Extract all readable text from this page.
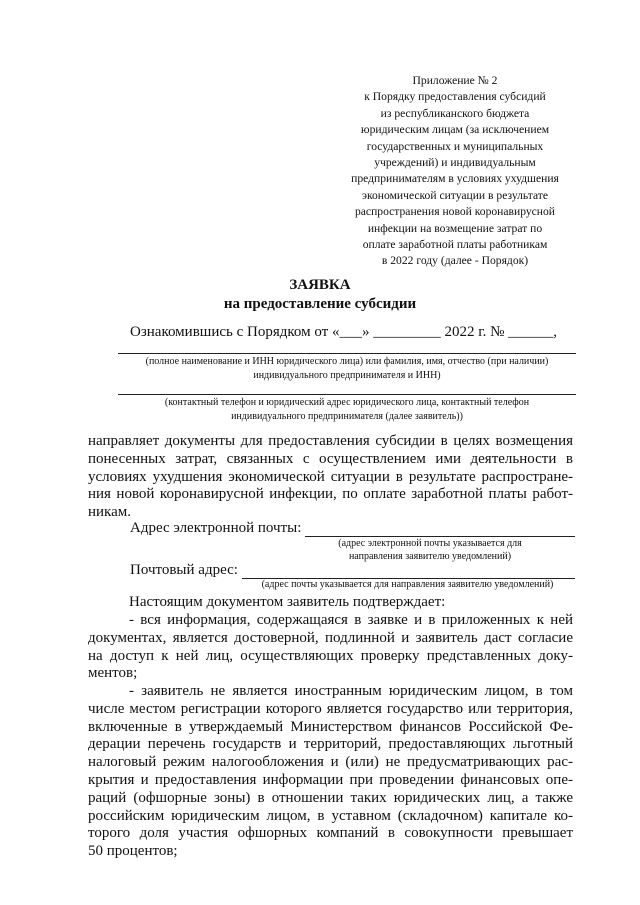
Приложение № 2
к Порядку предоставления субсидий
из республиканского бюджета
юридическим лицам (за исключением
государственных и муниципальных
учреждений) и индивидуальным
предпринимателям в условиях ухудшения
экономической ситуации в результате
распространения новой коронавирусной
инфекции на возмещение затрат по
оплате заработной платы работникам
в 2022 году (далее - Порядок)
ЗАЯВКА
на предоставление субсидии
Ознакомившись с Порядком от «___» _________ 2022 г. № ______,
(полное наименование и ИНН юридического лица) или фамилия, имя, отчество (при наличии)
индивидуального предпринимателя и ИНН)
(контактный телефон и юридический адрес юридического лица, контактный телефон
индивидуального предпринимателя (далее заявитель))
направляет документы для предоставления субсидии в целях возмещения
понесенных затрат, связанных с осуществлением ими деятельности в
условиях ухудшения экономической ситуации в результате распростране-
ния новой коронавирусной инфекции, по оплате заработной платы работ-
никам.
Адрес электронной почты:
(адрес электронной почты указывается для
направления заявителю уведомлений)
Почтовый адрес:
(адрес почты указывается для направления заявителю уведомлений)
Настоящим документом заявитель подтверждает:
- вся информация, содержащаяся в заявке и в приложенных к ней
документах, является достоверной, подлинной и заявитель даст согласие
на доступ к ней лиц, осуществляющих проверку представленных доку-
ментов;
- заявитель не является иностранным юридическим лицом, в том
числе местом регистрации которого является государство или территория,
включенные в утверждаемый Министерством финансов Российской Фе-
дерации перечень государств и территорий, предоставляющих льготный
налоговый режим налогообложения и (или) не предусматривающих рас-
крытия и предоставления информации при проведении финансовых опе-
раций (офшорные зоны) в отношении таких юридических лиц, а также
российским юридическим лицом, в уставном (складочном) капитале ко-
торого доля участия офшорных компаний в совокупности превышает
50 процентов;
